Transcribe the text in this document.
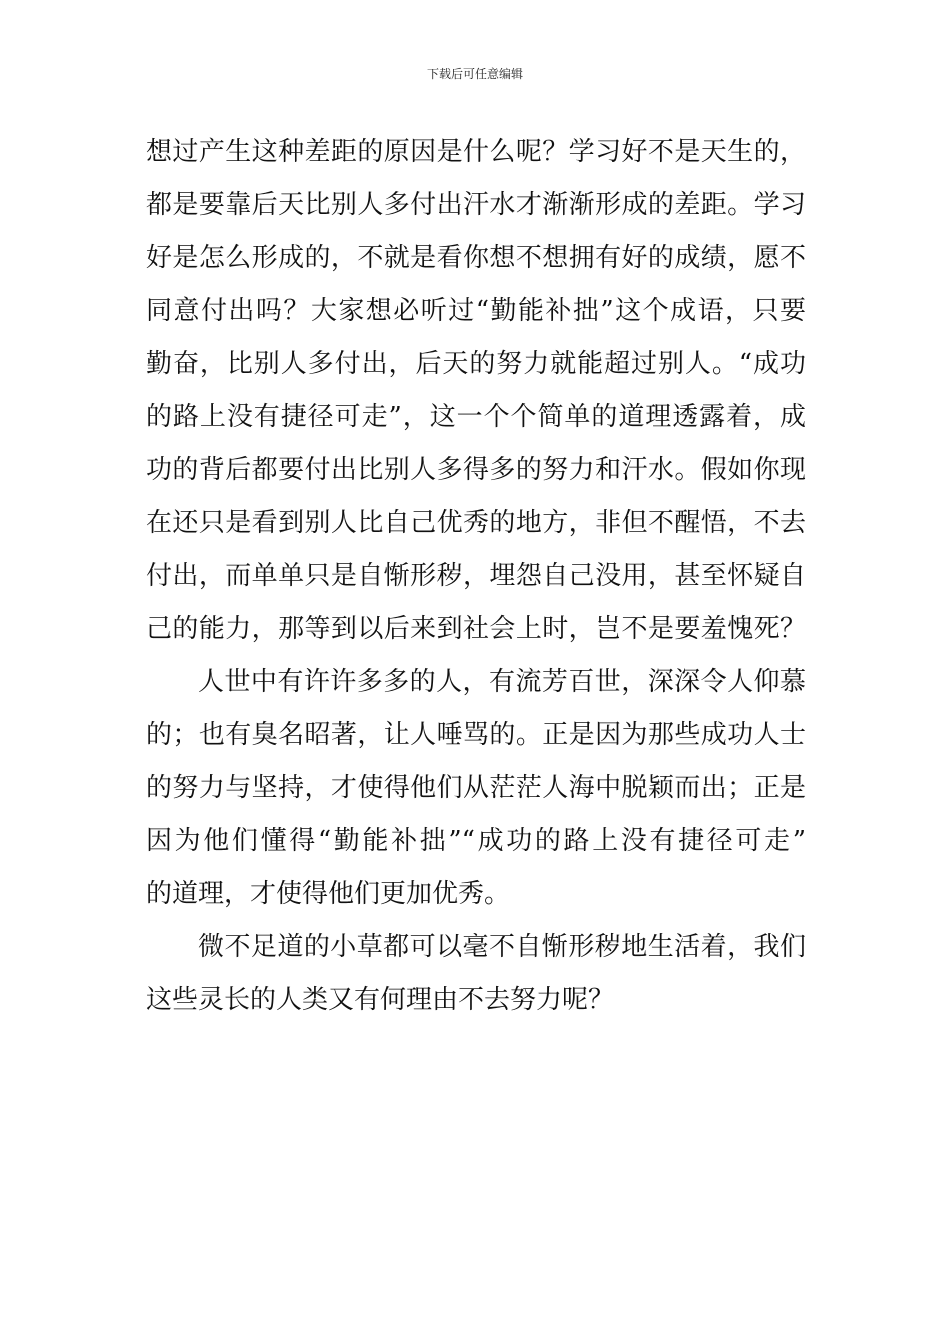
下载后可任意编辑
想过产生这种差距的原因是什么呢？学习好不是天生的，
都是要靠后天比别人多付出汗水才渐渐形成的差距。学习
好是怎么形成的，不就是看你想不想拥有好的成绩，愿不
同意付出吗？大家想必听过“勤能补拙”这个成语，只要
勤奋，比别人多付出，后天的努力就能超过别人。“成功
的路上没有捷径可走”，这一个个简单的道理透露着，成
功的背后都要付出比别人多得多的努力和汗水。假如你现
在还只是看到别人比自己优秀的地方，非但不醒悟，不去
付出，而单单只是自惭形秽，埋怨自己没用，甚至怀疑自
己的能力，那等到以后来到社会上时，岂不是要羞愧死？
人世中有许许多多的人，有流芳百世，深深令人仰慕
的；也有臭名昭著，让人唾骂的。正是因为那些成功人士
的努力与坚持，才使得他们从茫茫人海中脱颖而出；正是
因为他们懂得“勤能补拙”“成功的路上没有捷径可走”
的道理，才使得他们更加优秀。
微不足道的小草都可以毫不自惭形秽地生活着，我们
这些灵长的人类又有何理由不去努力呢？
